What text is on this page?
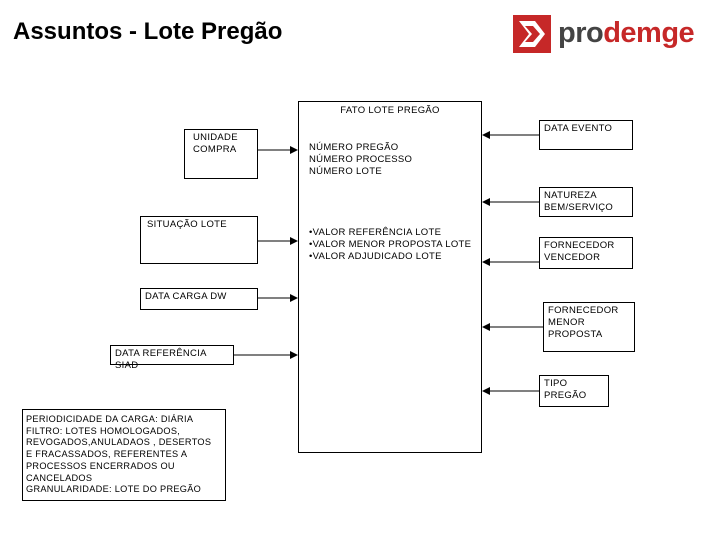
Assuntos - Lote Pregão	prodemge
FATO LOTE PREGÃO
NÚMERO PREGÃO
NÚMERO PROCESSO
NÚMERO LOTE
•VALOR REFERÊNCIA LOTE
•VALOR MENOR PROPOSTA LOTE
•VALOR ADJUDICADO LOTE
UNIDADE
COMPRA
SITUAÇÃO LOTE
DATA CARGA DW
DATA REFERÊNCIA SIAD
DATA EVENTO
NATUREZA
BEM/SERVIÇO
FORNECEDOR
VENCEDOR
FORNECEDOR
MENOR
PROPOSTA
TIPO
PREGÃO
PERIODICIDADE DA CARGA: DIÁRIA
FILTRO: LOTES HOMOLOGADOS,
REVOGADOS,ANULADAOS , DESERTOS
E FRACASSADOS, REFERENTES A
PROCESSOS ENCERRADOS OU
CANCELADOS
GRANULARIDADE: LOTE DO PREGÃO
